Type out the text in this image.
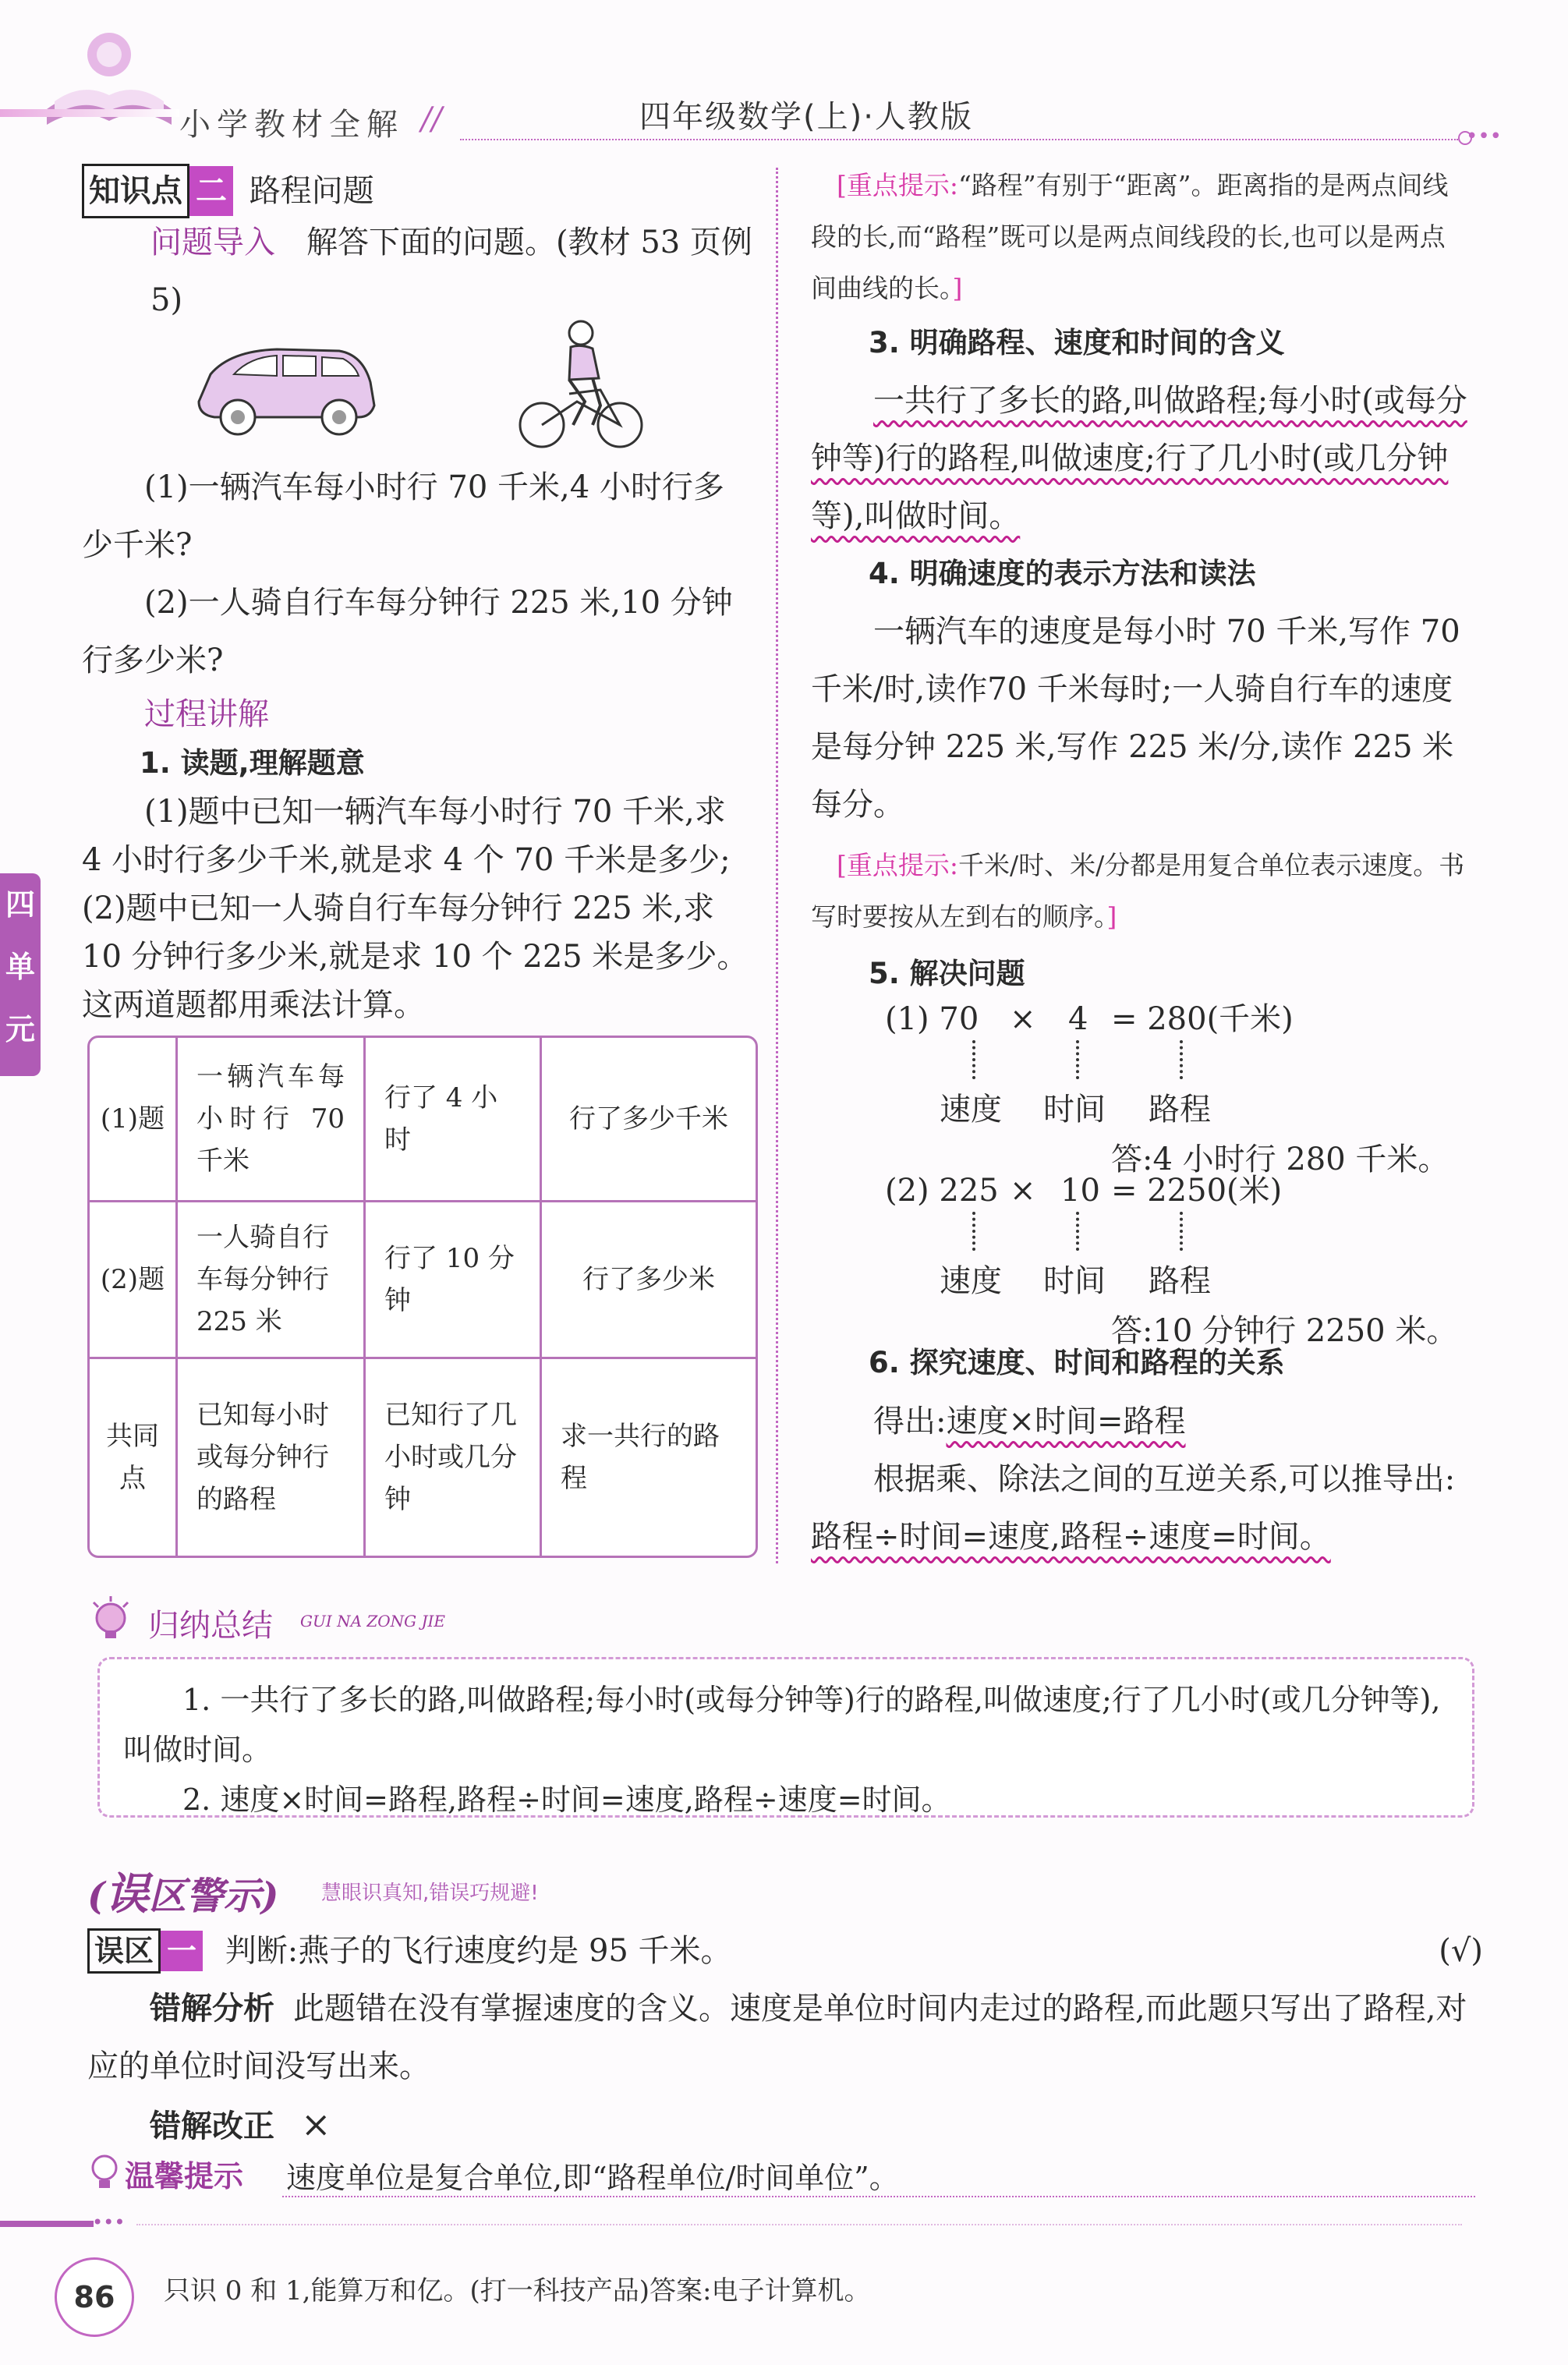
小学教材全解 //	四年级数学(上)·人教版
•••
四
单
元
知识点 二 路程问题

问题导入 解答下面的问题。(教材 53 页例 5)

(1)一辆汽车每小时行 70 千米,4 小时行多少千米?

(2)一人骑自行车每分钟行 225 米,10 分钟行多少米?

过程讲解

1. 读题,理解题意

(1)题中已知一辆汽车每小时行 70 千米,求 4 小时行多少千米,就是求 4 个 70 千米是多少;(2)题中已知一人骑自行车每分钟行 225 米,求 10 分钟行多少米,就是求 10 个 225 米是多少。这两道题都用乘法计算。

(1)题	一辆汽车每小时行 70 千米	行了 4 小时	行了多少千米
(2)题	一人骑自行车每分钟行 225 米	行了 10 分钟	行了多少米
共同点	已知每小时或每分钟行的路程	已知行了几小时或几分钟	求一共行的路程

[重点提示:“路程”有别于“距离”。距离指的是两点间线段的长,而“路程”既可以是两点间线段的长,也可以是两点间曲线的长。]

3. 明确路程、速度和时间的含义

一共行了多长的路,叫做路程;每小时(或每分钟等)行的路程,叫做速度;行了几小时(或几分钟等),叫做时间。

4. 明确速度的表示方法和读法

一辆汽车的速度是每小时 70 千米,写作 70 千米/时,读作70 千米每时;一人骑自行车的速度是每分钟 225 米,写作 225 米/分,读作 225 米每分。

[重点提示:千米/时、米/分都是用复合单位表示速度。书写时要按从左到右的顺序。]

5. 解决问题

(1) 70 × 4 = 280(千米)
速度 时间 路程
答:4 小时行 280 千米。
(2) 225 × 10 = 2250(米)
速度 时间 路程
答:10 分钟行 2250 米。

6. 探究速度、时间和路程的关系

得出:速度×时间=路程

根据乘、除法之间的互逆关系,可以推导出:路程÷时间=速度,路程÷速度=时间。

归纳总结 GUI NA ZONG JIE

1. 一共行了多长的路,叫做路程;每小时(或每分钟等)行的路程,叫做速度;行了几小时(或几分钟等),叫做时间。

2. 速度×时间=路程,路程÷时间=速度,路程÷速度=时间。

(误区警示) 慧眼识真知,错误巧规避!
误区 一 判断:燕子的飞行速度约是 95 千米。	(√)

错解分析 此题错在没有掌握速度的含义。速度是单位时间内走过的路程,而此题只写出了路程,对应的单位时间没写出来。

错解改正 ×

温馨提示 速度单位是复合单位,即“路程单位/时间单位”。
•••
86	只识 0 和 1,能算万和亿。(打一科技产品)答案:电子计算机。
